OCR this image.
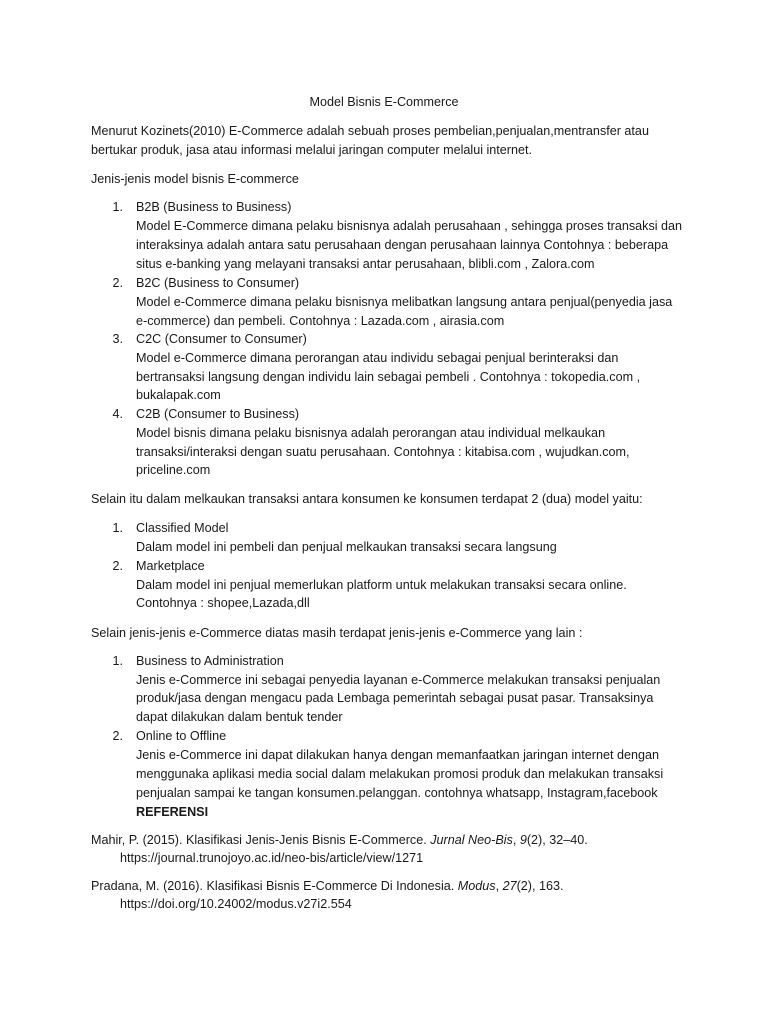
Model Bisnis E-Commerce
Menurut Kozinets(2010) E-Commerce adalah sebuah proses pembelian,penjualan,mentransfer atau
bertukar produk, jasa atau informasi melalui jaringan computer melalui internet.
Jenis-jenis model bisnis E-commerce
1. B2B (Business to Business)
Model E-Commerce dimana pelaku bisnisnya adalah perusahaan , sehingga proses transaksi dan
interaksinya adalah antara satu perusahaan dengan perusahaan lainnya Contohnya : beberapa
situs e-banking yang melayani transaksi antar perusahaan, blibli.com , Zalora.com
2. B2C (Business to Consumer)
Model e-Commerce dimana pelaku bisnisnya melibatkan langsung antara penjual(penyedia jasa
e-commerce) dan pembeli. Contohnya : Lazada.com , airasia.com
3. C2C (Consumer to Consumer)
Model e-Commerce dimana perorangan atau individu sebagai penjual berinteraksi dan
bertransaksi langsung dengan individu lain sebagai pembeli . Contohnya : tokopedia.com ,
bukalapak.com
4. C2B (Consumer to Business)
Model bisnis dimana pelaku bisnisnya adalah perorangan atau individual melkaukan
transaksi/interaksi dengan suatu perusahaan. Contohnya : kitabisa.com , wujudkan.com,
priceline.com
Selain itu dalam melkaukan transaksi antara konsumen ke konsumen terdapat 2 (dua) model yaitu:
1. Classified Model
Dalam model ini pembeli dan penjual melkaukan transaksi secara langsung
2. Marketplace
Dalam model ini penjual memerlukan platform untuk melakukan transaksi secara online.
Contohnya : shopee,Lazada,dll
Selain jenis-jenis e-Commerce diatas masih terdapat jenis-jenis e-Commerce yang lain :
1. Business to Administration
Jenis e-Commerce ini sebagai penyedia layanan e-Commerce melakukan transaksi penjualan
produk/jasa dengan mengacu pada Lembaga pemerintah sebagai pusat pasar. Transaksinya
dapat dilakukan dalam bentuk tender
2. Online to Offline
Jenis e-Commerce ini dapat dilakukan hanya dengan memanfaatkan jaringan internet dengan
menggunaka aplikasi media social dalam melakukan promosi produk dan melakukan transaksi
penjualan sampai ke tangan konsumen.pelanggan. contohnya whatsapp, Instagram,facebook
REFERENSI
Mahir, P. (2015). Klasifikasi Jenis-Jenis Bisnis E-Commerce. Jurnal Neo-Bis, 9(2), 32–40.
https://journal.trunojoyo.ac.id/neo-bis/article/view/1271
Pradana, M. (2016). Klasifikasi Bisnis E-Commerce Di Indonesia. Modus, 27(2), 163.
https://doi.org/10.24002/modus.v27i2.554
